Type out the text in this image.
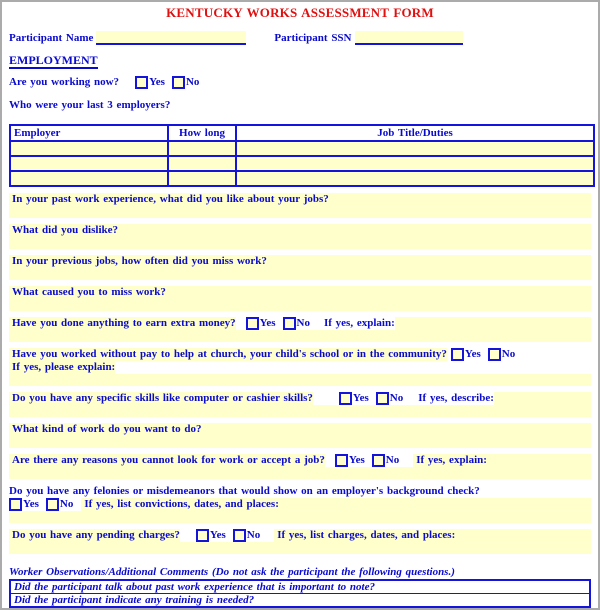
KENTUCKY WORKS ASSESSMENT FORM
Participant Name	Participant SSN
EMPLOYMENT
Are you working now?	Yes No
Who were your last 3 employers?
Employer	How long	Job Title/Duties

In your past work experience, what did you like about your jobs?
What did you dislike?
In your previous jobs, how often did you miss work?
What caused you to miss work?
Have you done anything to earn extra money? Yes No If yes, explain:
Have you worked without pay to help at church, your child's school or in the community? Yes No
If yes, please explain:
Do you have any specific skills like computer or cashier skills?	Yes No If yes, describe:
What kind of work do you want to do?
Are there any reasons you cannot look for work or accept a job? Yes No If yes, explain:
Do you have any felonies or misdemeanors that would show on an employer's background check?
Yes No If yes, list convictions, dates, and places:
Do you have any pending charges?	Yes No If yes, list charges, dates, and places:
Worker Observations/Additional Comments (Do not ask the participant the following questions.)
Did the participant talk about past work experience that is important to note?
Did the participant indicate any training is needed?
